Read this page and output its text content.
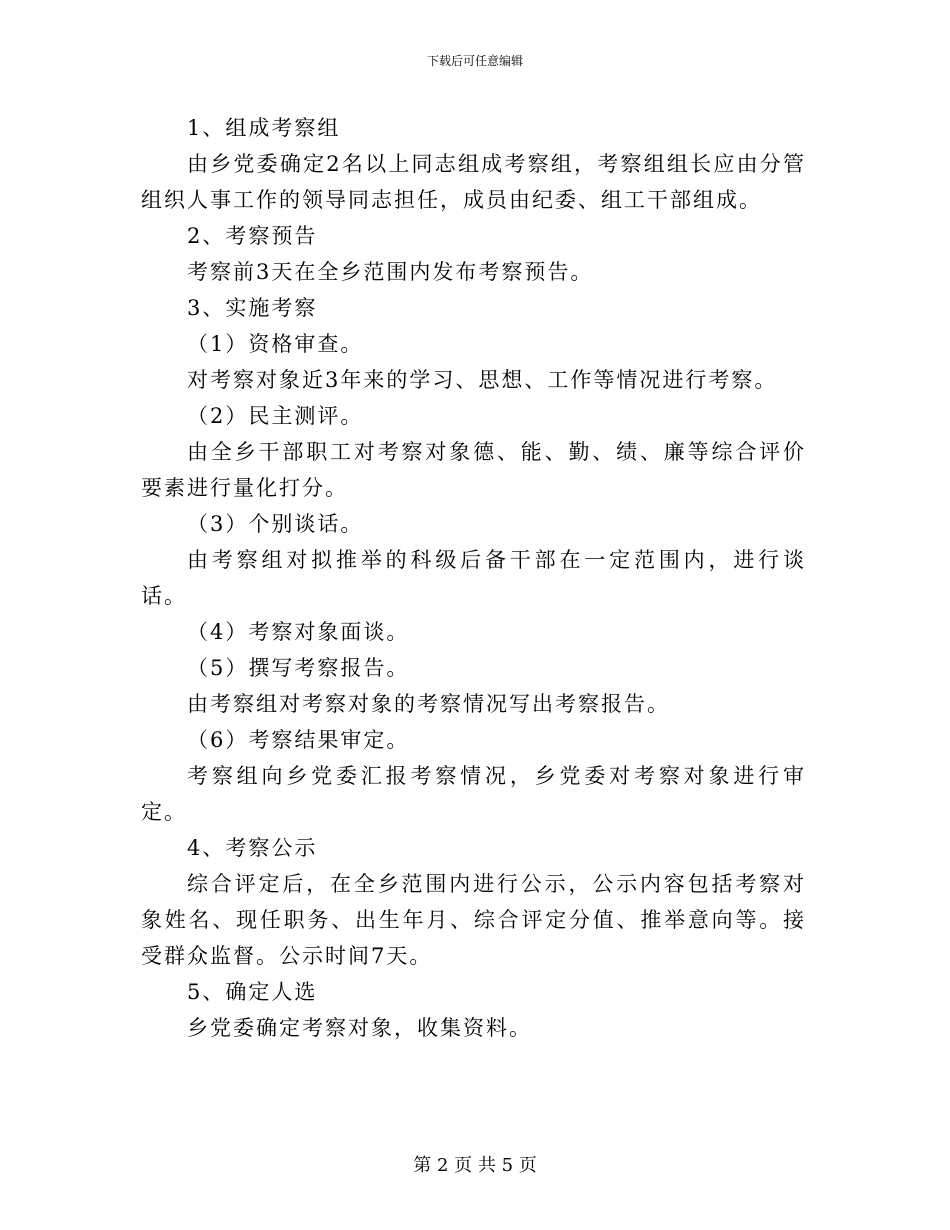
下载后可任意编辑

1、组成考察组

由乡党委确定2名以上同志组成考察组，考察组组长应由分管组织人事工作的领导同志担任，成员由纪委、组工干部组成。

2、考察预告

考察前3天在全乡范围内发布考察预告。

3、实施考察

（1）资格审查。

对考察对象近3年来的学习、思想、工作等情况进行考察。

（2）民主测评。

由全乡干部职工对考察对象德、能、勤、绩、廉等综合评价要素进行量化打分。

（3）个别谈话。

由考察组对拟推举的科级后备干部在一定范围内，进行谈话。

（4）考察对象面谈。

（5）撰写考察报告。

由考察组对考察对象的考察情况写出考察报告。

（6）考察结果审定。

考察组向乡党委汇报考察情况，乡党委对考察对象进行审定。

4、考察公示

综合评定后，在全乡范围内进行公示，公示内容包括考察对象姓名、现任职务、出生年月、综合评定分值、推举意向等。接受群众监督。公示时间7天。

5、确定人选

乡党委确定考察对象，收集资料。

第 2 页 共 5 页
